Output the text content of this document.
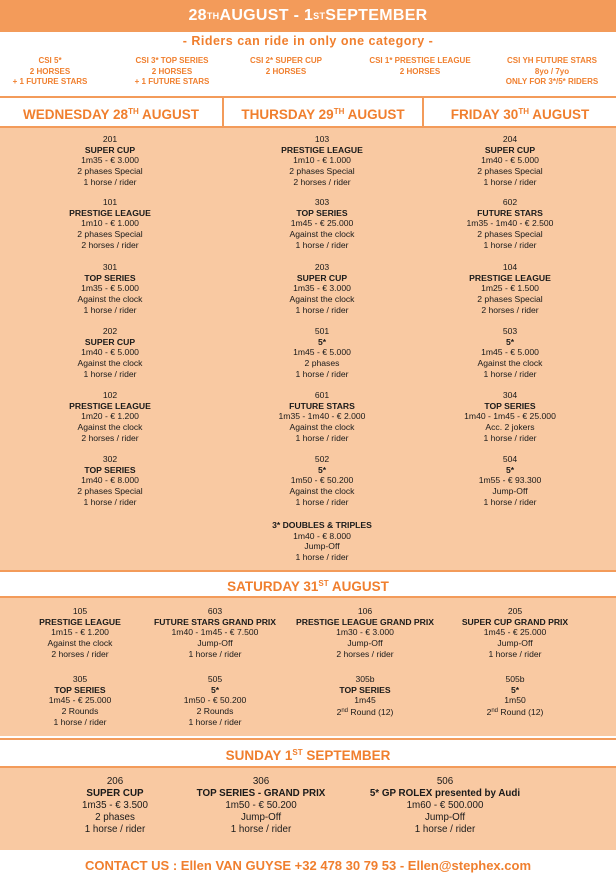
28 TH AUGUST - 1 ST SEPTEMBER
- Riders can ride in only one category -
CSI 5*
2 HORSES
+ 1 FUTURE STARS
CSI 3* TOP SERIES
2 HORSES
+ 1 FUTURE STARS
CSI 2* SUPER CUP
2 HORSES
CSI 1* PRESTIGE LEAGUE
2 HORSES
CSI YH FUTURE STARS
8yo / 7yo
ONLY FOR 3*/5* RIDERS
WEDNESDAY 28TH AUGUST	THURSDAY 29TH AUGUST	FRIDAY 30TH AUGUST
SATURDAY 31ST AUGUST
SUNDAY 1ST SEPTEMBER
201
SUPER CUP
1m35 - € 3.000
2 phases Special
1 horse / rider
101
PRESTIGE LEAGUE
1m10 - € 1.000
2 phases Special
2 horses / rider
301
TOP SERIES
1m35 - € 5.000
Against the clock
1 horse / rider
202
SUPER CUP
1m40 - € 5.000
Against the clock
1 horse / rider
102
PRESTIGE LEAGUE
1m20 - € 1.200
Against the clock
2 horses / rider
302
TOP SERIES
1m40 - € 8.000
2 phases Special
1 horse / rider
103
PRESTIGE LEAGUE
1m10 - € 1.000
2 phases Special
2 horses / rider
303
TOP SERIES
1m45 - € 25.000
Against the clock
1 horse / rider
203
SUPER CUP
1m35 - € 3.000
Against the clock
1 horse / rider
501
5*
1m45 - € 5.000
2 phases
1 horse / rider
601
FUTURE STARS
1m35 - 1m40 - € 2.000
Against the clock
1 horse / rider
502
5*
1m50 - € 50.200
Against the clock
1 horse / rider
3* DOUBLES & TRIPLES
1m40 - € 8.000
Jump-Off
1 horse / rider
204
SUPER CUP
1m40 - € 5.000
2 phases Special
1 horse / rider
602
FUTURE STARS
1m35 - 1m40 - € 2.500
2 phases Special
1 horse / rider
104
PRESTIGE LEAGUE
1m25 - € 1.500
2 phases Special
2 horses / rider
503
5*
1m45 - € 5.000
Against the clock
1 horse / rider
304
TOP SERIES
1m40 - 1m45 - € 25.000
Acc. 2 jokers
1 horse / rider
504
5*
1m55 - € 93.300
Jump-Off
1 horse / rider
105
PRESTIGE LEAGUE
1m15 - € 1.200
Against the clock
2 horses / rider
603
FUTURE STARS GRAND PRIX
1m40 - 1m45 - € 7.500
Jump-Off
1 horse / rider
106
PRESTIGE LEAGUE GRAND PRIX
1m30 - € 3.000
Jump-Off
2 horses / rider
205
SUPER CUP GRAND PRIX
1m45 - € 25.000
Jump-Off
1 horse / rider
305
TOP SERIES
1m45 - € 25.000
2 Rounds
1 horse / rider
505
5*
1m50 - € 50.200
2 Rounds
1 horse / rider
305b
TOP SERIES
1m45
2nd Round (12)
505b
5*
1m50
2nd Round (12)
206
SUPER CUP
1m35 - € 3.500
2 phases
1 horse / rider
306
TOP SERIES - GRAND PRIX
1m50 - € 50.200
Jump-Off
1 horse / rider
506
5* GP ROLEX presented by Audi
1m60 - € 500.000
Jump-Off
1 horse / rider
CONTACT US : Ellen VAN GUYSE +32 478 30 79 53 - Ellen@stephex.com
